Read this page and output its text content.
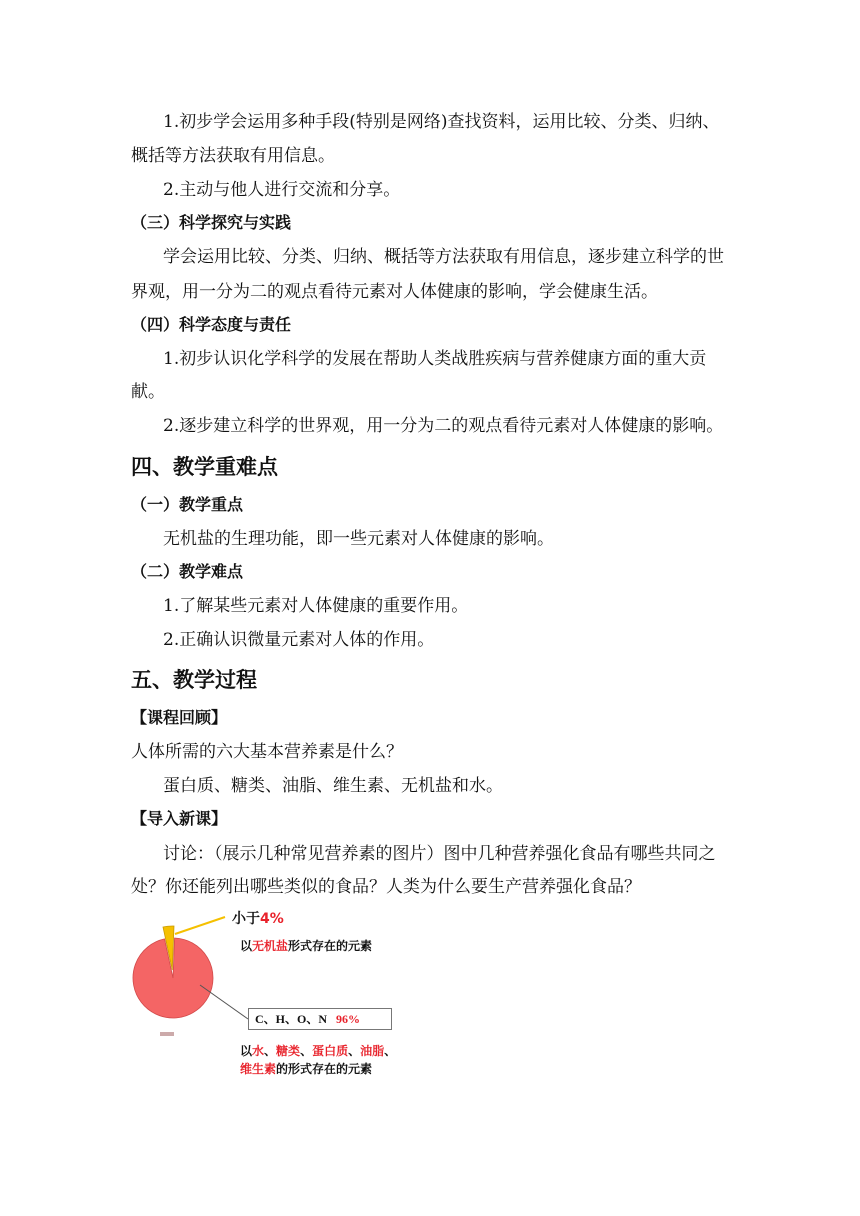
1.初步学会运用多种手段(特别是网络)查找资料，运用比较、分类、归纳、
概括等方法获取有用信息。
2.主动与他人进行交流和分享。
（三）科学探究与实践
学会运用比较、分类、归纳、概括等方法获取有用信息，逐步建立科学的世
界观，用一分为二的观点看待元素对人体健康的影响，学会健康生活。
（四）科学态度与责任
1.初步认识化学科学的发展在帮助人类战胜疾病与营养健康方面的重大贡
献。
2.逐步建立科学的世界观，用一分为二的观点看待元素对人体健康的影响。
四、教学重难点
（一）教学重点
无机盐的生理功能，即一些元素对人体健康的影响。
（二）教学难点
1.了解某些元素对人体健康的重要作用。
2.正确认识微量元素对人体的作用。
五、教学过程
【课程回顾】
人体所需的六大基本营养素是什么？
蛋白质、糖类、油脂、维生素、无机盐和水。
【导入新课】
讨论：（展示几种常见营养素的图片）图中几种营养强化食品有哪些共同之
处？你还能列出哪些类似的食品？人类为什么要生产营养强化食品？
小于4%
以无机盐形式存在的元素
C、H、O、N 96%
以水、糖类、蛋白质、油脂、
维生素的形式存在的元素
